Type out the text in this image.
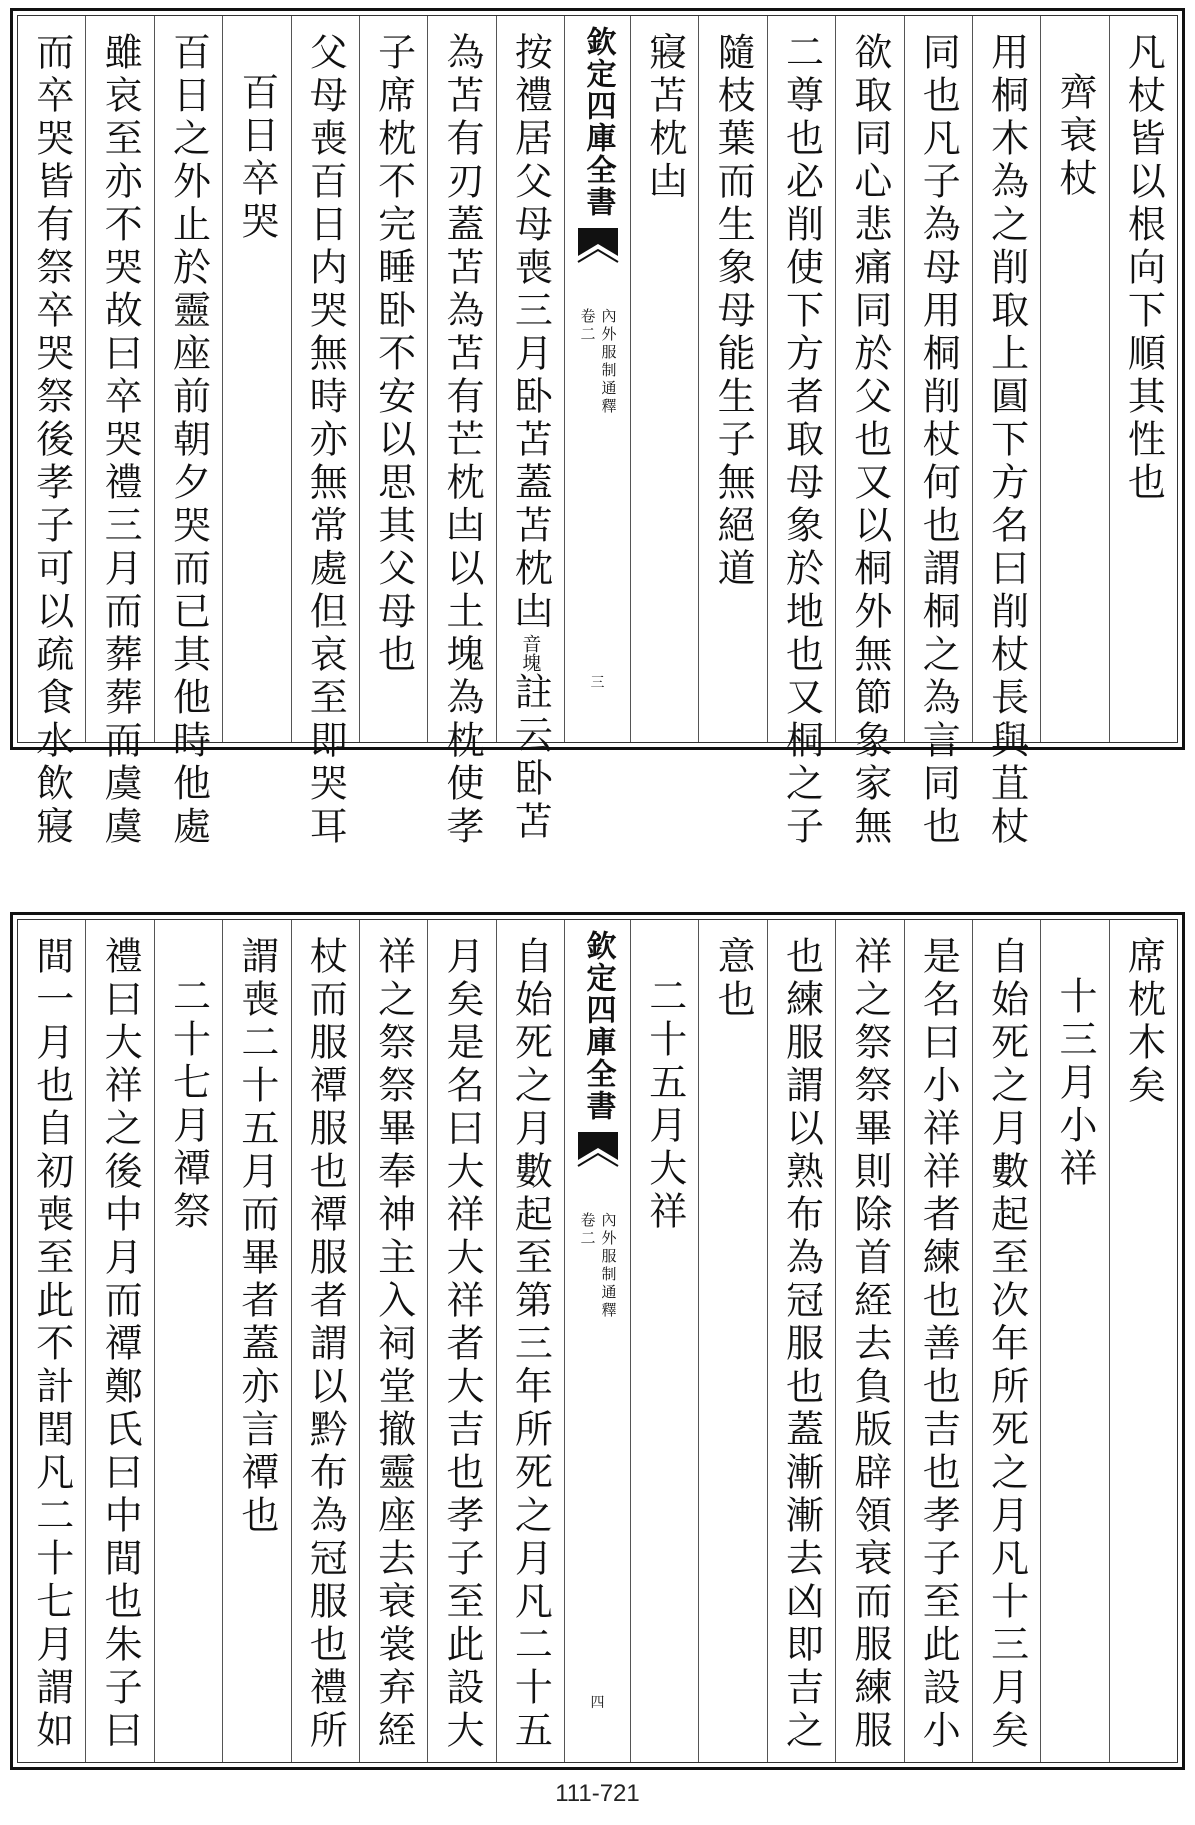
凡杖皆以根向下順其性也
齊衰杖
用桐木為之削取上圓下方名曰削杖長與苴杖
同也凡子為母用桐削杖何也謂桐之為言同也
欲取同心悲痛同於父也又以桐外無節象家無
二尊也必削使下方者取母象於地也又桐之子
隨枝葉而生象母能生子無絕道
寢苫枕凷
欽定四庫全書
內外服制通釋
卷二
三
按禮居父母喪三月卧苫蓋苫枕凷音塊註云卧苫
為苫有刃蓋苫為苫有芒枕凷以土塊為枕使孝
子席枕不完睡卧不安以思其父母也
父母喪百日内哭無時亦無常處但哀至即哭耳
百日卒哭
百日之外止於靈座前朝夕哭而已其他時他處
雖哀至亦不哭故曰卒哭禮三月而葬葬而虞虞
而卒哭皆有祭卒哭祭後孝子可以疏食水飲寢
席枕木矣
十三月小祥
自始死之月數起至次年所死之月凡十三月矣
是名曰小祥祥者練也善也吉也孝子至此設小
祥之祭祭畢則除首絰去負版辟領衰而服練服
也練服謂以熟布為冠服也蓋漸漸去凶即吉之
意也
二十五月大祥
欽定四庫全書
內外服制通釋
卷二
四
自始死之月數起至第三年所死之月凡二十五
月矣是名曰大祥大祥者大吉也孝子至此設大
祥之祭祭畢奉神主入祠堂撤靈座去衰裳弃絰
杖而服禫服也禫服者謂以黔布為冠服也禮所
謂喪二十五月而畢者蓋亦言禫也
二十七月禫祭
禮曰大祥之後中月而禫鄭氏曰中間也朱子曰
間一月也自初喪至此不計閏凡二十七月謂如
111-721
